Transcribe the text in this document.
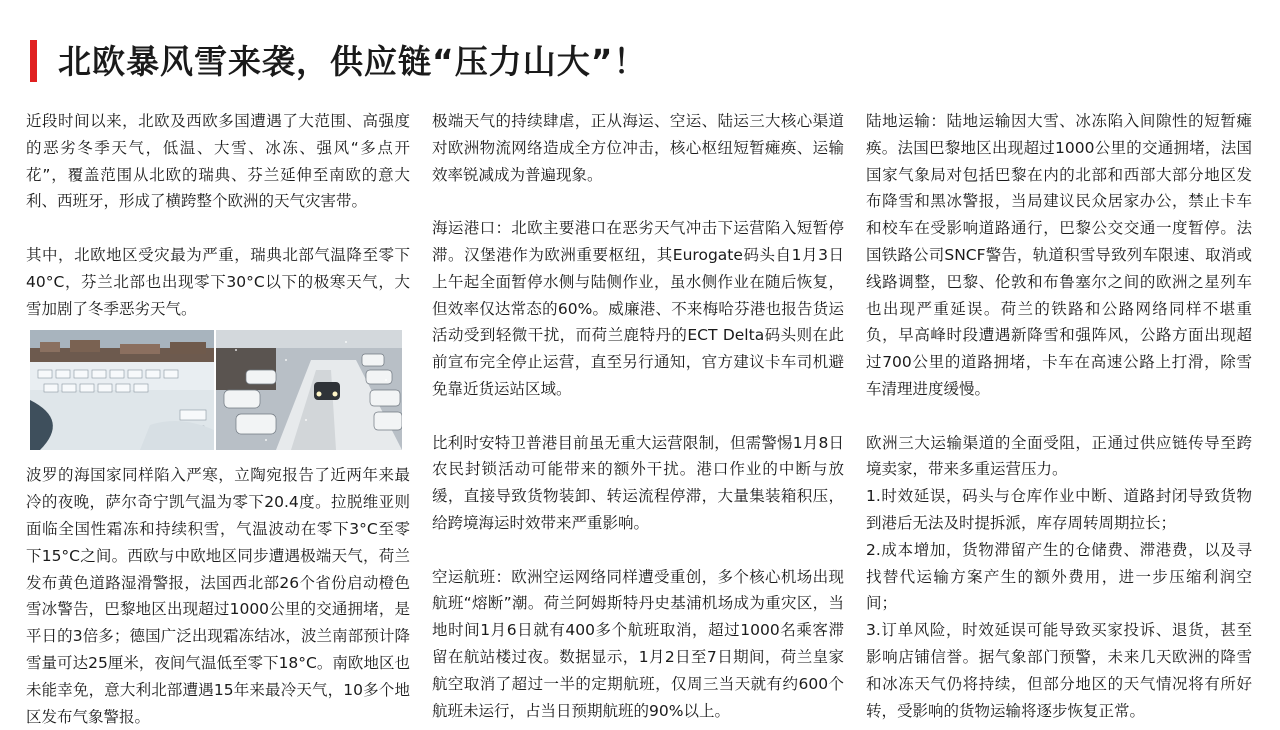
北欧暴风雪来袭，供应链“压力山大”！

近段时间以来，北欧及西欧多国遭遇了大范围、高强度的恶劣冬季天气，低温、大雪、冰冻、强风“多点开花”，覆盖范围从北欧的瑞典、芬兰延伸至南欧的意大利、西班牙，形成了横跨整个欧洲的天气灾害带。

其中，北欧地区受灾最为严重，瑞典北部气温降至零下40°C，芬兰北部也出现零下30°C以下的极寒天气，大雪加剧了冬季恶劣天气。

波罗的海国家同样陷入严寒，立陶宛报告了近两年来最冷的夜晚，萨尔奇宁凯气温为零下20.4度。拉脱维亚则面临全国性霜冻和持续积雪，气温波动在零下3°C至零下15°C之间。西欧与中欧地区同步遭遇极端天气，荷兰发布黄色道路湿滑警报，法国西北部26个省份启动橙色雪冰警告，巴黎地区出现超过1000公里的交通拥堵，是平日的3倍多；德国广泛出现霜冻结冰，波兰南部预计降雪量可达25厘米，夜间气温低至零下18°C。南欧地区也未能幸免，意大利北部遭遇15年来最冷天气，10多个地区发布气象警报。

极端天气的持续肆虐，正从海运、空运、陆运三大核心渠道对欧洲物流网络造成全方位冲击，核心枢纽短暂瘫痪、运输效率锐减成为普遍现象。

海运港口：北欧主要港口在恶劣天气冲击下运营陷入短暂停滞。汉堡港作为欧洲重要枢纽，其Eurogate码头自1月3日上午起全面暂停水侧与陆侧作业，虽水侧作业在随后恢复，但效率仅达常态的60%。威廉港、不来梅哈芬港也报告货运活动受到轻微干扰，而荷兰鹿特丹的ECT Delta码头则在此前宣布完全停止运营，直至另行通知，官方建议卡车司机避免靠近货运站区域。

比利时安特卫普港目前虽无重大运营限制，但需警惕1月8日农民封锁活动可能带来的额外干扰。港口作业的中断与放缓，直接导致货物装卸、转运流程停滞，大量集装箱积压，给跨境海运时效带来严重影响。

空运航班：欧洲空运网络同样遭受重创，多个核心机场出现航班“熔断”潮。荷兰阿姆斯特丹史基浦机场成为重灾区，当地时间1月6日就有400多个航班取消，超过1000名乘客滞留在航站楼过夜。数据显示，1月2日至7日期间，荷兰皇家航空取消了超过一半的定期航班，仅周三当天就有约600个航班未运行，占当日预期航班的90%以上。

陆地运输：陆地运输因大雪、冰冻陷入间隙性的短暂瘫痪。法国巴黎地区出现超过1000公里的交通拥堵，法国国家气象局对包括巴黎在内的北部和西部大部分地区发布降雪和黑冰警报，当局建议民众居家办公，禁止卡车和校车在受影响道路通行，巴黎公交交通一度暂停。法国铁路公司SNCF警告，轨道积雪导致列车限速、取消或线路调整，巴黎、伦敦和布鲁塞尔之间的欧洲之星列车也出现严重延误。荷兰的铁路和公路网络同样不堪重负，早高峰时段遭遇新降雪和强阵风，公路方面出现超过700公里的道路拥堵，卡车在高速公路上打滑，除雪车清理进度缓慢。

欧洲三大运输渠道的全面受阻，正通过供应链传导至跨境卖家，带来多重运营压力。

1.时效延误，码头与仓库作业中断、道路封闭导致货物到港后无法及时提拆派，库存周转周期拉长；

2.成本增加，货物滞留产生的仓储费、滞港费，以及寻找替代运输方案产生的额外费用，进一步压缩利润空间；

3.订单风险，时效延误可能导致买家投诉、退货，甚至影响店铺信誉。据气象部门预警，未来几天欧洲的降雪和冰冻天气仍将持续，但部分地区的天气情况将有所好转，受影响的货物运输将逐步恢复正常。
